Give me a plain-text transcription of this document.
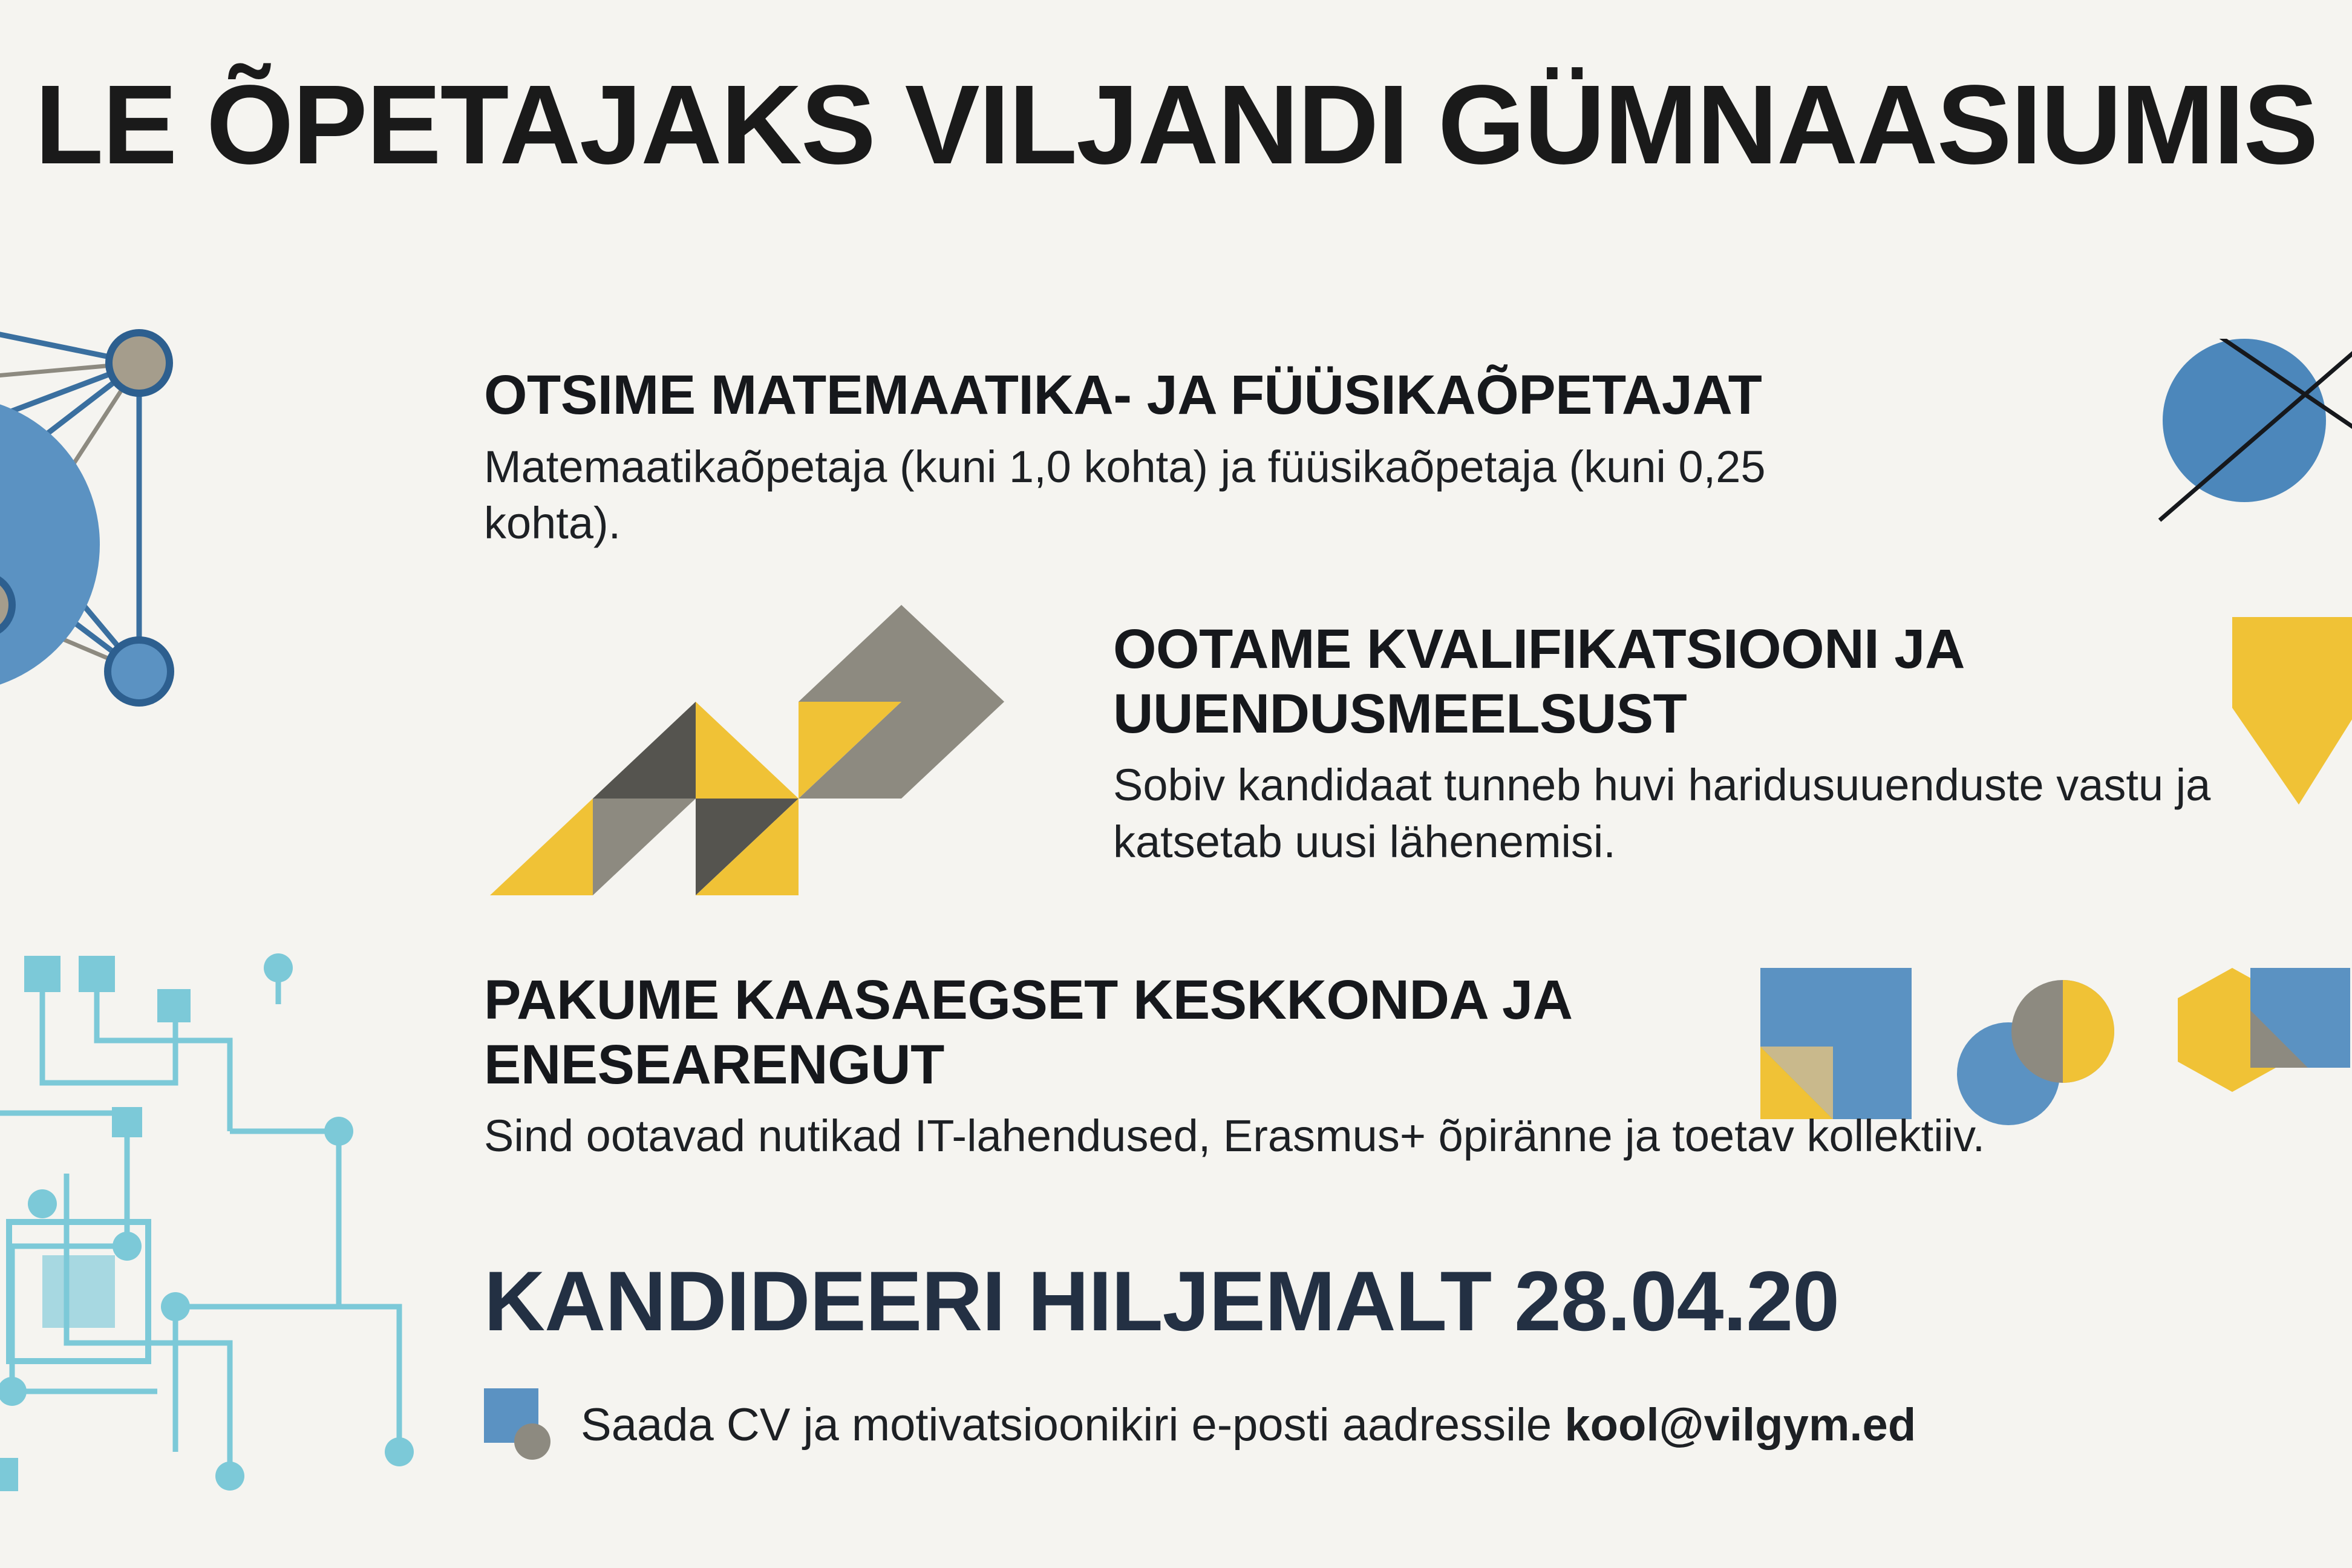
LE ÕPETAJAKS VILJANDI GÜMNAASIUMIS
OTSIME MATEMAATIKA- JA FÜÜSIKAÕPETAJAT

Matemaatikaõpetaja (kuni 1,0 kohta) ja füüsikaõpetaja (kuni 0,25 kohta).

OOTAME KVALIFIKATSIOONI JA UUENDUSMEELSUST

Sobiv kandidaat tunneb huvi haridusuuenduste vastu ja katsetab uusi lähenemisi.

PAKUME KAASAEGSET KESKKONDA JA ENESEARENGUT

Sind ootavad nutikad IT-lahendused, Erasmus+ õpiränne ja toetav kollektiiv.

KANDIDEERI HILJEMALT 28.04.20
Saada CV ja motivatsioonikiri e-posti aadressile kool@vilgym.ed
